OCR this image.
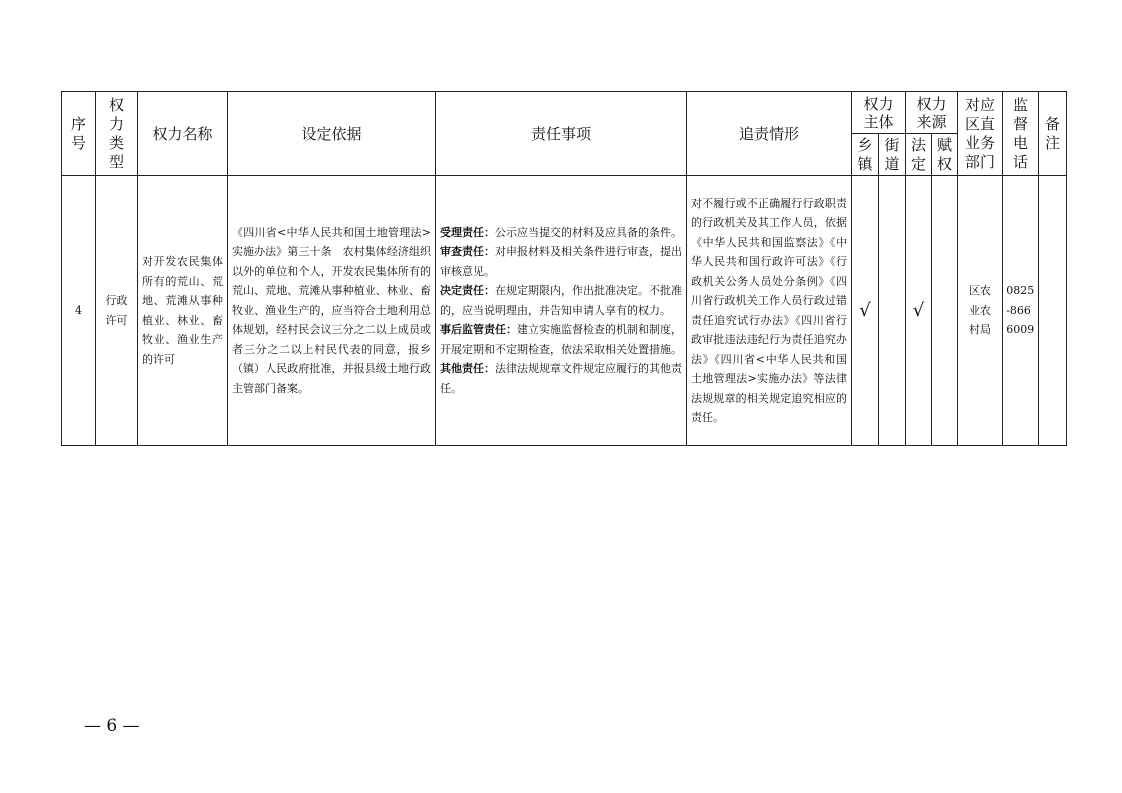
序号	权力类型	权力名称	设定依据	责任事项	追责情形	权力主体		权力来源		对应区直业务部门	监督电话	备注
						乡镇	街道	法定	赋权			
4	行政许可	对开发农民集体所有的荒山、荒地、荒滩从事种植业、林业、畜牧业、渔业生产的许可	《四川省<中华人民共和国土地管理法>实施办法》第三十条　农村集体经济组织以外的单位和个人，开发农民集体所有的荒山、荒地、荒滩从事种植业、林业、畜牧业、渔业生产的，应当符合土地利用总体规划，经村民会议三分之二以上成员或者三分之二以上村民代表的同意，报乡（镇）人民政府批准，并报县级土地行政主管部门备案。	受理责任：公示应当提交的材料及应具备的条件。
审查责任：对申报材料及相关条件进行审查，提出审核意见。
决定责任：在规定期限内，作出批准决定。不批准的，应当说明理由，并告知申请人享有的权力。
事后监管责任：建立实施监督检查的机制和制度，开展定期和不定期检查，依法采取相关处置措施。
其他责任：法律法规规章文件规定应履行的其他责任。	对不履行或不正确履行行政职责的行政机关及其工作人员，依据《中华人民共和国监察法》《中华人民共和国行政许可法》《行政机关公务人员处分条例》《四川省行政机关工作人员行政过错责任追究试行办法》《四川省行政审批违法违纪行为责任追究办法》《四川省<中华人民共和国土地管理法>实施办法》等法律法规规章的相关规定追究相应的责任。	√		√		区农业农村局	0825-8666009	
— 6 —
